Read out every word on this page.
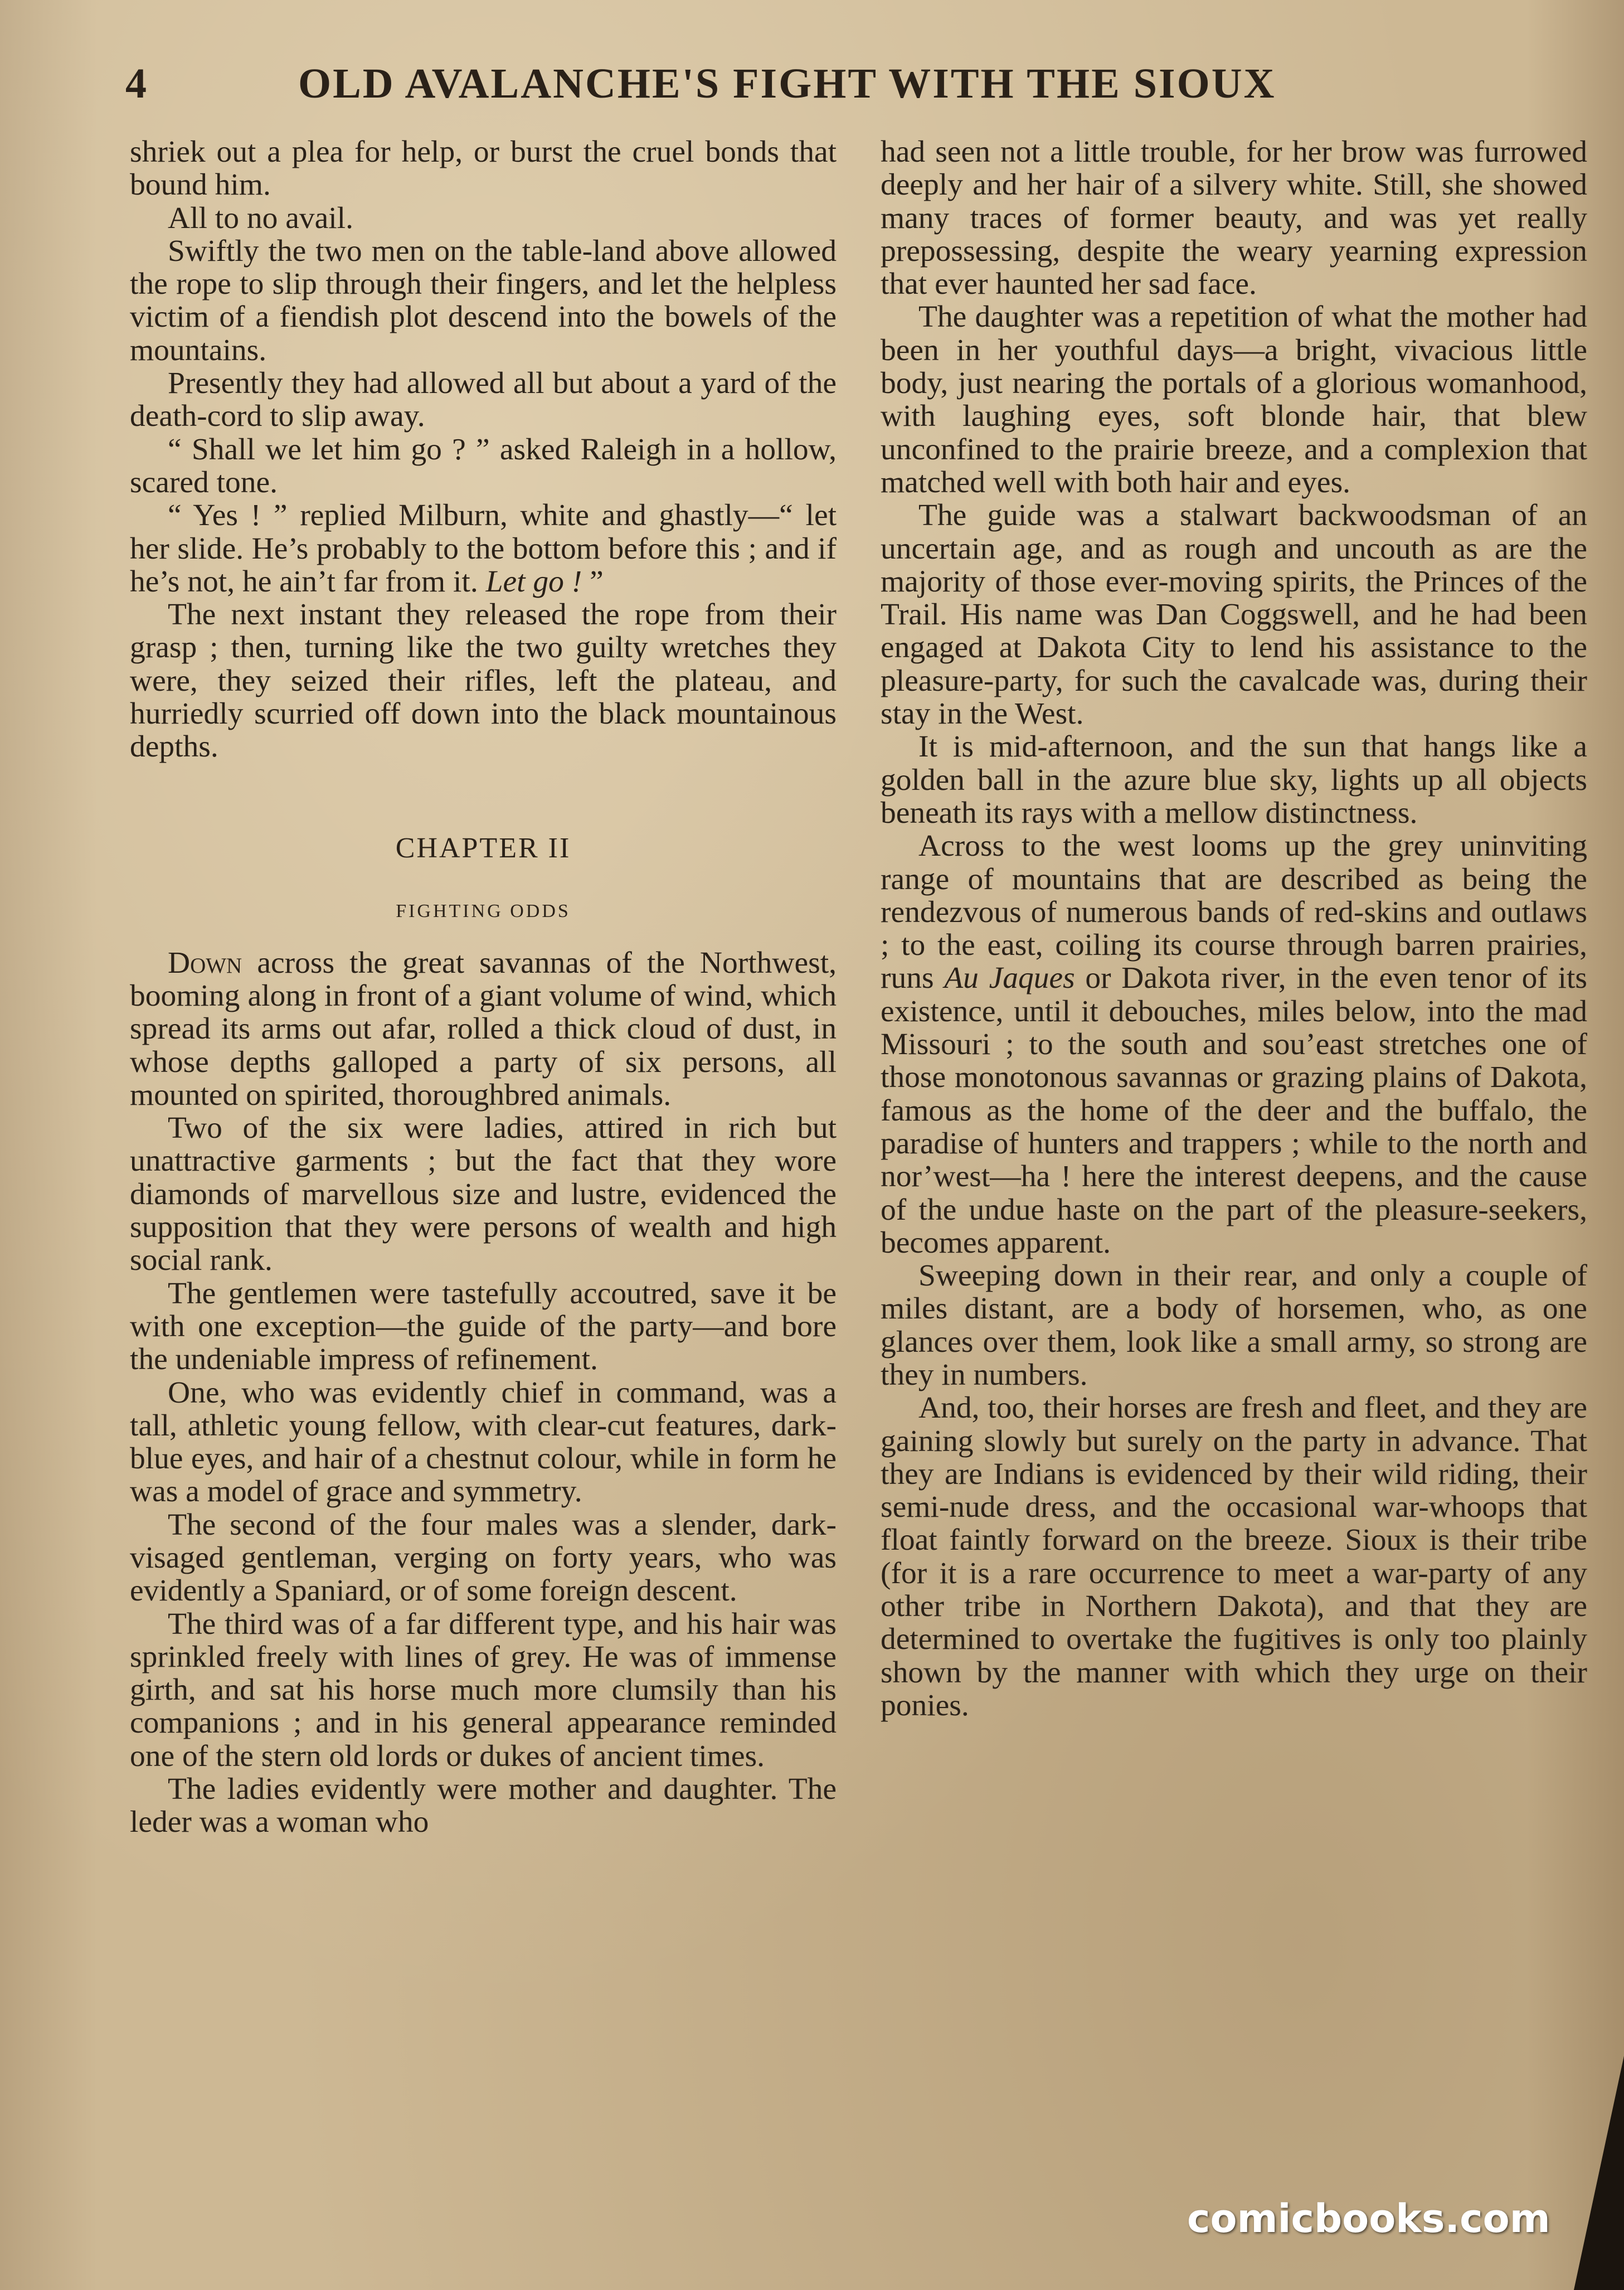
4	OLD AVALANCHE'S FIGHT WITH THE SIOUX

shriek out a plea for help, or burst the cruel bonds that bound him.

All to no avail.

Swiftly the two men on the table-land above allowed the rope to slip through their fingers, and let the helpless victim of a fiendish plot descend into the bowels of the mountains.

Presently they had allowed all but about a yard of the death-cord to slip away.

“ Shall we let him go ? ” asked Raleigh in a hollow, scared tone.

“ Yes ! ” replied Milburn, white and ghastly—“ let her slide. He’s probably to the bottom before this ; and if he’s not, he ain’t far from it. Let go ! ”

The next instant they released the rope from their grasp ; then, turning like the two guilty wretches they were, they seized their rifles, left the plateau, and hurriedly scurried off down into the black mountainous depths.

CHAPTER II
FIGHTING ODDS

Down across the great savannas of the Northwest, booming along in front of a giant volume of wind, which spread its arms out afar, rolled a thick cloud of dust, in whose depths galloped a party of six persons, all mounted on spirited, thoroughbred animals.

Two of the six were ladies, attired in rich but unattractive garments ; but the fact that they wore diamonds of marvellous size and lustre, evidenced the supposition that they were persons of wealth and high social rank.

The gentlemen were tastefully accoutred, save it be with one exception—the guide of the party—and bore the undeniable impress of refinement.

One, who was evidently chief in command, was a tall, athletic young fellow, with clear-cut features, dark-blue eyes, and hair of a chestnut colour, while in form he was a model of grace and symmetry.

The second of the four males was a slender, dark-visaged gentleman, verging on forty years, who was evidently a Spaniard, or of some foreign descent.

The third was of a far different type, and his hair was sprinkled freely with lines of grey. He was of immense girth, and sat his horse much more clumsily than his companions ; and in his general appearance reminded one of the stern old lords or dukes of ancient times.

The ladies evidently were mother and daughter. The leder was a woman who

had seen not a little trouble, for her brow was furrowed deeply and her hair of a silvery white. Still, she showed many traces of former beauty, and was yet really prepossessing, despite the weary yearning expression that ever haunted her sad face.

The daughter was a repetition of what the mother had been in her youthful days—a bright, vivacious little body, just nearing the portals of a glorious womanhood, with laughing eyes, soft blonde hair, that blew unconfined to the prairie breeze, and a complexion that matched well with both hair and eyes.

The guide was a stalwart backwoodsman of an uncertain age, and as rough and uncouth as are the majority of those ever-moving spirits, the Princes of the Trail. His name was Dan Coggswell, and he had been engaged at Dakota City to lend his assistance to the pleasure-party, for such the cavalcade was, during their stay in the West.

It is mid-afternoon, and the sun that hangs like a golden ball in the azure blue sky, lights up all objects beneath its rays with a mellow distinctness.

Across to the west looms up the grey uninviting range of mountains that are described as being the rendezvous of numerous bands of red-skins and outlaws ; to the east, coiling its course through barren prairies, runs Au Jaques or Dakota river, in the even tenor of its existence, until it debouches, miles below, into the mad Missouri ; to the south and sou’east stretches one of those monotonous savannas or grazing plains of Dakota, famous as the home of the deer and the buffalo, the paradise of hunters and trappers ; while to the north and nor’west—ha ! here the interest deepens, and the cause of the undue haste on the part of the pleasure-seekers, becomes apparent.

Sweeping down in their rear, and only a couple of miles distant, are a body of horsemen, who, as one glances over them, look like a small army, so strong are they in numbers.

And, too, their horses are fresh and fleet, and they are gaining slowly but surely on the party in advance. That they are Indians is evidenced by their wild riding, their semi-nude dress, and the occasional war-whoops that float faintly forward on the breeze. Sioux is their tribe (for it is a rare occurrence to meet a war-party of any other tribe in Northern Dakota), and that they are determined to overtake the fugitives is only too plainly shown by the manner with which they urge on their ponies.

comicbooks.com
